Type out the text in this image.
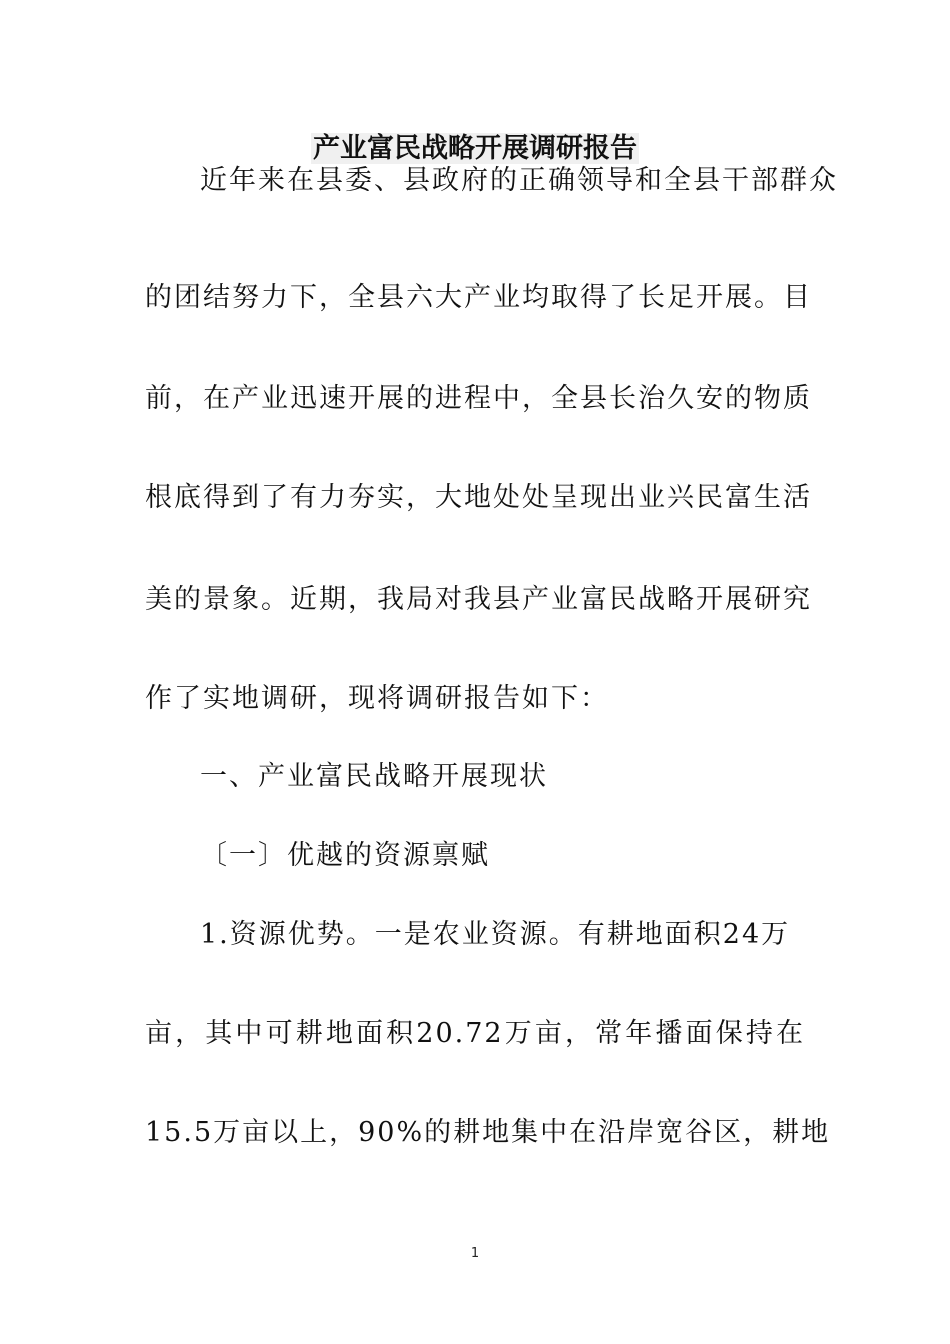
产业富民战略开展调研报告

近年来在县委、县政府的正确领导和全县干部群众

的团结努力下，全县六大产业均取得了长足开展。目

前，在产业迅速开展的进程中，全县长治久安的物质

根底得到了有力夯实，大地处处呈现出业兴民富生活

美的景象。近期，我局对我县产业富民战略开展研究

作了实地调研，现将调研报告如下：

一、产业富民战略开展现状

〔一〕优越的资源禀赋

1.资源优势。一是农业资源。有耕地面积24万

亩，其中可耕地面积20.72万亩，常年播面保持在

15.5万亩以上，90%的耕地集中在沿岸宽谷区，耕地

1
